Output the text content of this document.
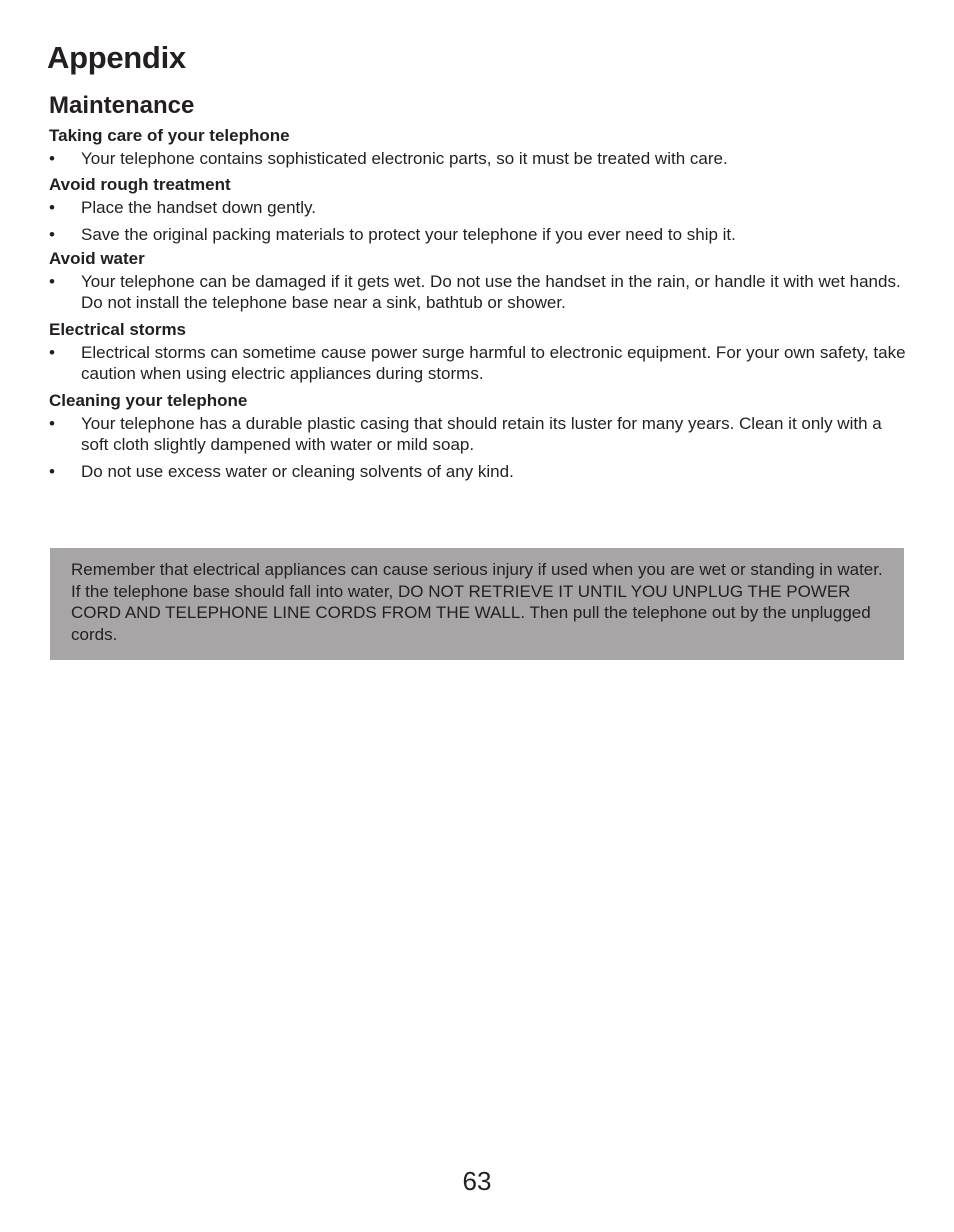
Appendix
Maintenance
Taking care of your telephone
• Your telephone contains sophisticated electronic parts, so it must be treated with care.
Avoid rough treatment
• Place the handset down gently.
• Save the original packing materials to protect your telephone if you ever need to ship it.
Avoid water
• Your telephone can be damaged if it gets wet. Do not use the handset in the rain, or handle it with wet hands. Do not install the telephone base near a sink, bathtub or shower.
Electrical storms
• Electrical storms can sometime cause power surge harmful to electronic equipment. For your own safety, take caution when using electric appliances during storms.
Cleaning your telephone
• Your telephone has a durable plastic casing that should retain its luster for many years. Clean it only with a soft cloth slightly dampened with water or mild soap.
• Do not use excess water or cleaning solvents of any kind.
Remember that electrical appliances can cause serious injury if used when you are wet or standing in water. If the telephone base should fall into water, DO NOT RETRIEVE IT UNTIL YOU UNPLUG THE POWER CORD AND TELEPHONE LINE CORDS FROM THE WALL. Then pull the telephone out by the unplugged cords.
63
